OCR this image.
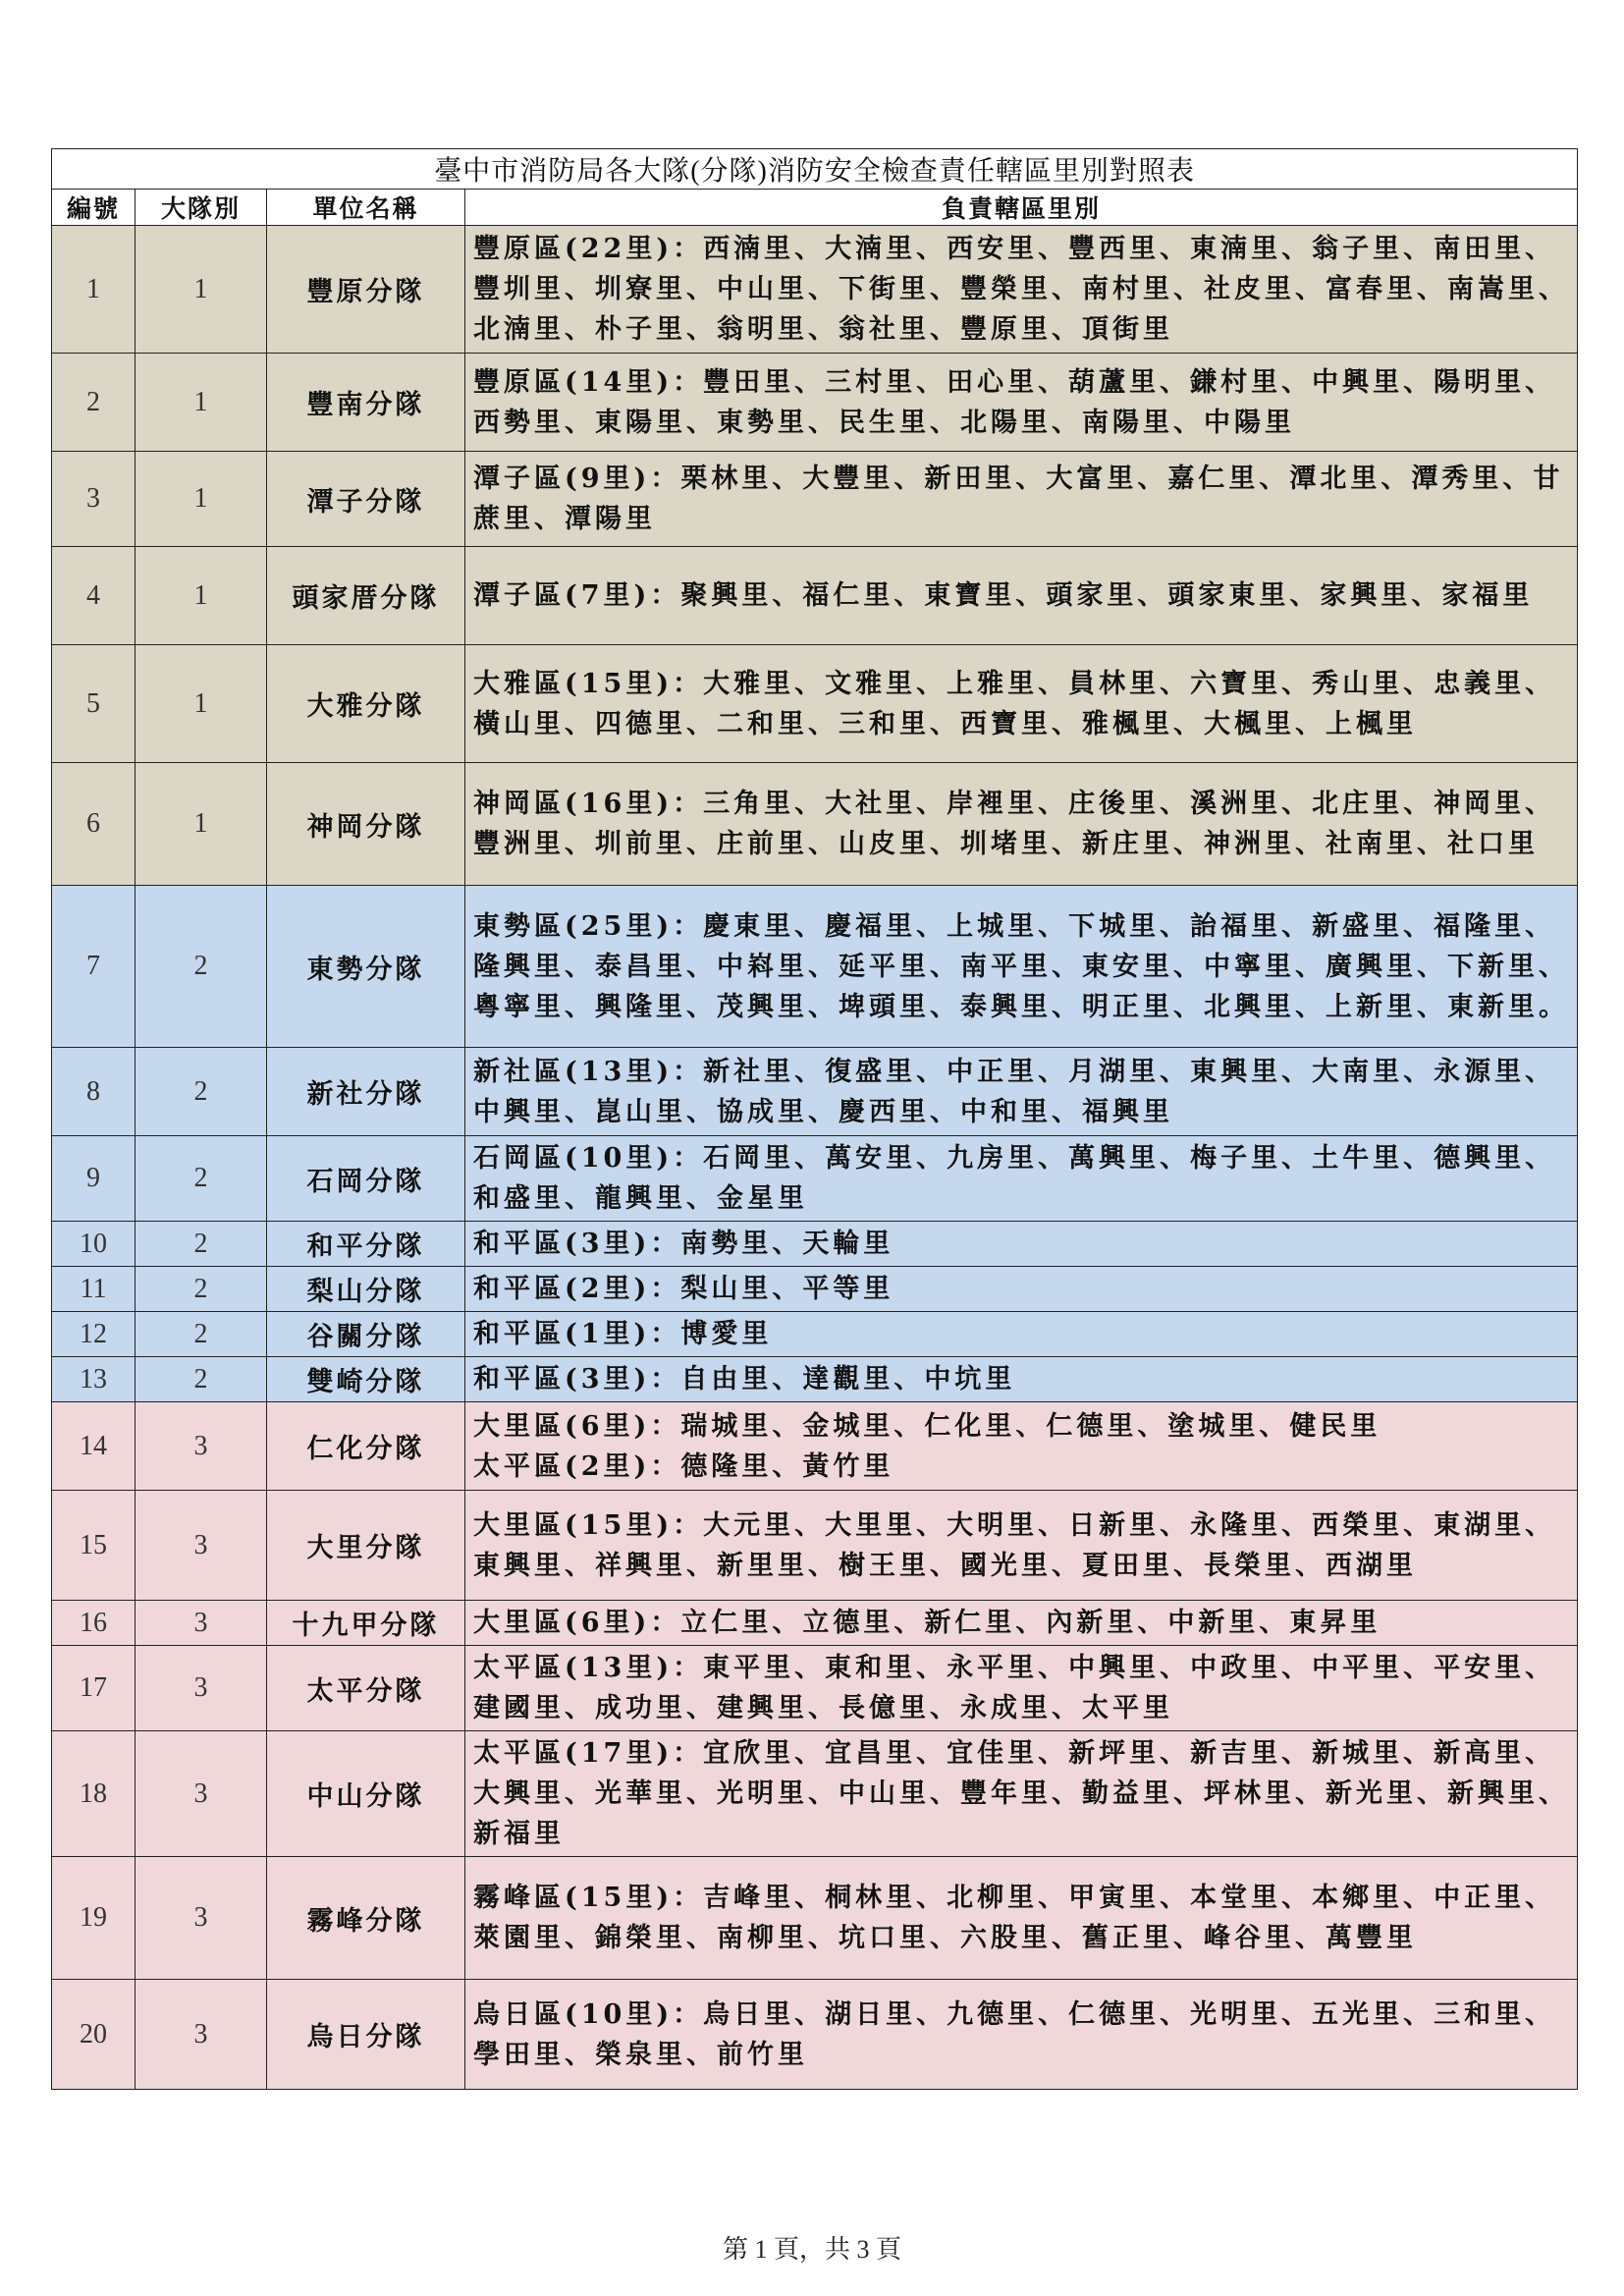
臺中市消防局各大隊(分隊)消防安全檢查責任轄區里別對照表			
編號	大隊別	單位名稱	負責轄區里別
1	1	豐原分隊	豐原區(22里)：西湳里、大湳里、西安里、豐西里、東湳里、翁子里、南田里、豐圳里、圳寮里、中山里、下街里、豐榮里、南村里、社皮里、富春里、南嵩里、北湳里、朴子里、翁明里、翁社里、豐原里、頂街里

2	1	豐南分隊	豐原區(14里)：豐田里、三村里、田心里、葫蘆里、鎌村里、中興里、陽明里、西勢里、東陽里、東勢里、民生里、北陽里、南陽里、中陽里

3	1	潭子分隊	潭子區(9里)：栗林里、大豐里、新田里、大富里、嘉仁里、潭北里、潭秀里、甘蔗里、潭陽里

4	1	頭家厝分隊	潭子區(7里)：聚興里、福仁里、東寶里、頭家里、頭家東里、家興里、家福里

5	1	大雅分隊	大雅區(15里)：大雅里、文雅里、上雅里、員林里、六寶里、秀山里、忠義里、橫山里、四德里、二和里、三和里、西寶里、雅楓里、大楓里、上楓里

6	1	神岡分隊	神岡區(16里)：三角里、大社里、岸裡里、庄後里、溪洲里、北庄里、神岡里、豐洲里、圳前里、庄前里、山皮里、圳堵里、新庄里、神洲里、社南里、社口里

7	2	東勢分隊	東勢區(25里)：慶東里、慶福里、上城里、下城里、詒福里、新盛里、福隆里、隆興里、泰昌里、中嵙里、延平里、南平里、東安里、中寧里、廣興里、下新里、粵寧里、興隆里、茂興里、埤頭里、泰興里、明正里、北興里、上新里、東新里。

8	2	新社分隊	新社區(13里)：新社里、復盛里、中正里、月湖里、東興里、大南里、永源里、中興里、崑山里、協成里、慶西里、中和里、福興里

9	2	石岡分隊	石岡區(10里)：石岡里、萬安里、九房里、萬興里、梅子里、土牛里、德興里、和盛里、龍興里、金星里

10	2	和平分隊	和平區(3里)：南勢里、天輪里

11	2	梨山分隊	和平區(2里)：梨山里、平等里

12	2	谷關分隊	和平區(1里)：博愛里

13	2	雙崎分隊	和平區(3里)：自由里、達觀里、中坑里

14	3	仁化分隊	大里區(6里)：瑞城里、金城里、仁化里、仁德里、塗城里、健民里
太平區(2里)：德隆里、黃竹里

15	3	大里分隊	大里區(15里)：大元里、大里里、大明里、日新里、永隆里、西榮里、東湖里、東興里、祥興里、新里里、樹王里、國光里、夏田里、長榮里、西湖里

16	3	十九甲分隊	大里區(6里)：立仁里、立德里、新仁里、內新里、中新里、東昇里

17	3	太平分隊	太平區(13里)：東平里、東和里、永平里、中興里、中政里、中平里、平安里、建國里、成功里、建興里、長億里、永成里、太平里

18	3	中山分隊	太平區(17里)：宜欣里、宜昌里、宜佳里、新坪里、新吉里、新城里、新高里、大興里、光華里、光明里、中山里、豐年里、勤益里、坪林里、新光里、新興里、新福里

19	3	霧峰分隊	霧峰區(15里)：吉峰里、桐林里、北柳里、甲寅里、本堂里、本鄉里、中正里、萊園里、錦榮里、南柳里、坑口里、六股里、舊正里、峰谷里、萬豐里

20	3	烏日分隊	烏日區(10里)：烏日里、湖日里、九德里、仁德里、光明里、五光里、三和里、學田里、榮泉里、前竹里
第 1 頁，共 3 頁
